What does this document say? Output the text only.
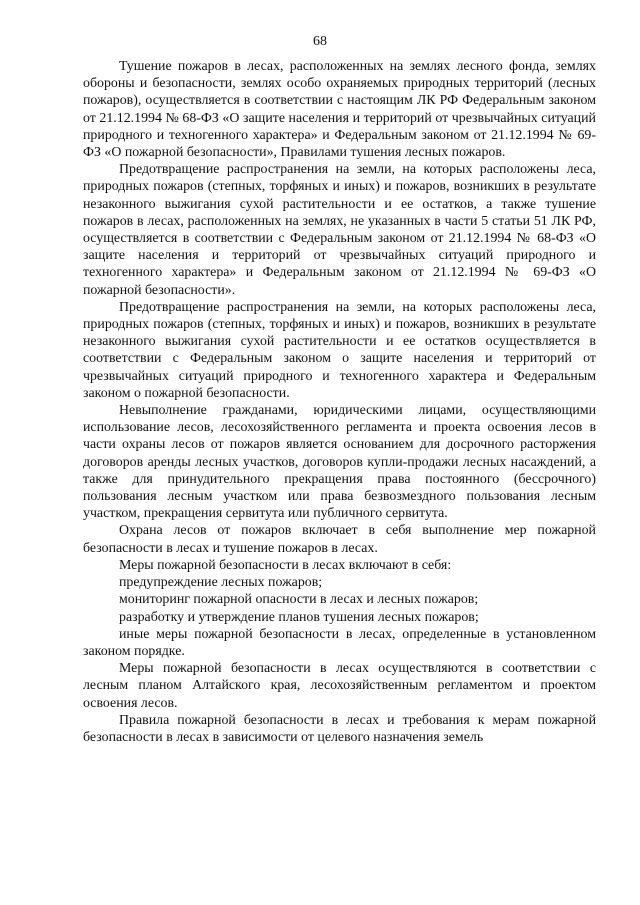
68

Тушение пожаров в лесах, расположенных на землях лесного фонда, землях обороны и безопасности, землях особо охраняемых природных территорий (лесных пожаров), осуществляется в соответствии с настоящим ЛК РФ Федеральным законом от 21.12.1994 № 68-ФЗ «О защите населения и территорий от чрезвычайных ситуаций природного и техногенного характера» и Федеральным законом от 21.12.1994 № 69-ФЗ «О пожарной безопасности», Правилами тушения лесных пожаров.

Предотвращение распространения на земли, на которых расположены леса, природных пожаров (степных, торфяных и иных) и пожаров, возникших в результате незаконного выжигания сухой растительности и ее остатков, а также тушение пожаров в лесах, расположенных на землях, не указанных в части 5 статьи 51 ЛК РФ, осуществляется в соответствии с Федеральным законом от 21.12.1994 № 68-ФЗ «О защите населения и территорий от чрезвычайных ситуаций природного и техногенного характера» и Федеральным законом от 21.12.1994 № 69-ФЗ «О пожарной безопасности».

Предотвращение распространения на земли, на которых расположены леса, природных пожаров (степных, торфяных и иных) и пожаров, возникших в результате незаконного выжигания сухой растительности и ее остатков осуществляется в соответствии с Федеральным законом о защите населения и территорий от чрезвычайных ситуаций природного и техногенного характера и Федеральным законом о пожарной безопасности.

Невыполнение гражданами, юридическими лицами, осуществляющими использование лесов, лесохозяйственного регламента и проекта освоения лесов в части охраны лесов от пожаров является основанием для досрочного расторжения договоров аренды лесных участков, договоров купли-продажи лесных насаждений, а также для принудительного прекращения права постоянного (бессрочного) пользования лесным участком или права безвозмездного пользования лесным участком, прекращения сервитута или публичного сервитута.

Охрана лесов от пожаров включает в себя выполнение мер пожарной безопасности в лесах и тушение пожаров в лесах.

Меры пожарной безопасности в лесах включают в себя:

предупреждение лесных пожаров;

мониторинг пожарной опасности в лесах и лесных пожаров;

разработку и утверждение планов тушения лесных пожаров;

иные меры пожарной безопасности в лесах, определенные в установленном законом порядке.

Меры пожарной безопасности в лесах осуществляются в соответствии с лесным планом Алтайского края, лесохозяйственным регламентом и проектом освоения лесов.

Правила пожарной безопасности в лесах и требования к мерам пожарной безопасности в лесах в зависимости от целевого назначения земель
